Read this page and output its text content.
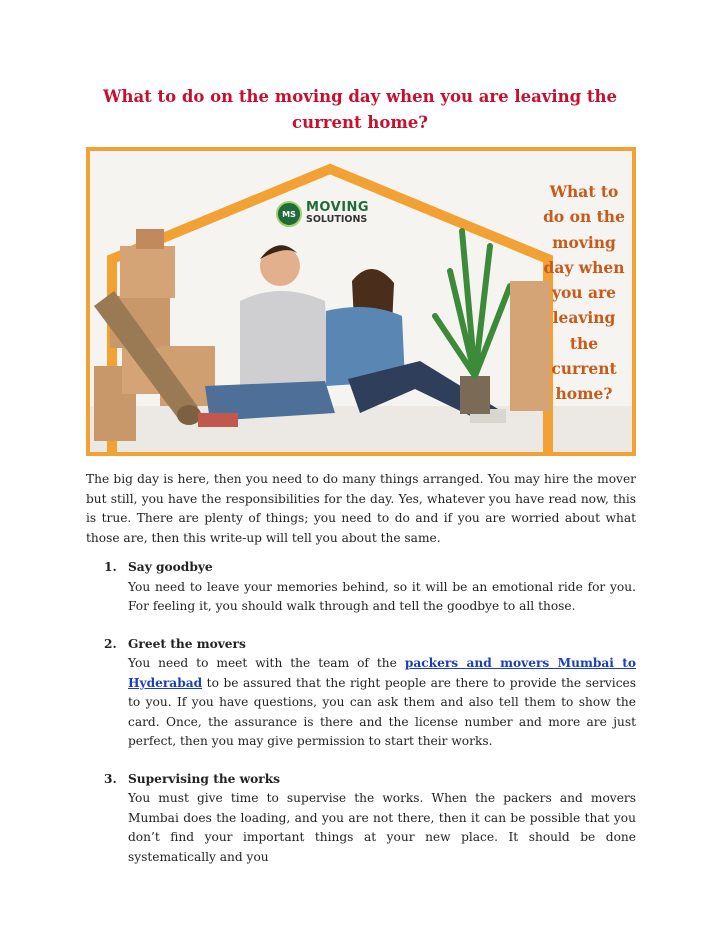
What to do on the moving day when you are leaving the current home?
MS MOVING
SOLUTIONS
What to do on the moving day when you are leaving the current home?

The big day is here, then you need to do many things arranged. You may hire the mover but still, you have the responsibilities for the day. Yes, whatever you have read now, this is true. There are plenty of things; you need to do and if you are worried about what those are, then this write-up will tell you about the same.

1. Say goodbye
You need to leave your memories behind, so it will be an emotional ride for you. For feeling it, you should walk through and tell the goodbye to all those.
2. Greet the movers
You need to meet with the team of the packers and movers Mumbai to Hyderabad to be assured that the right people are there to provide the services to you. If you have questions, you can ask them and also tell them to show the card. Once, the assurance is there and the license number and more are just perfect, then you may give permission to start their works.
3. Supervising the works
You must give time to supervise the works. When the packers and movers Mumbai does the loading, and you are not there, then it can be possible that you don’t find your important things at your new place. It should be done systematically and you
